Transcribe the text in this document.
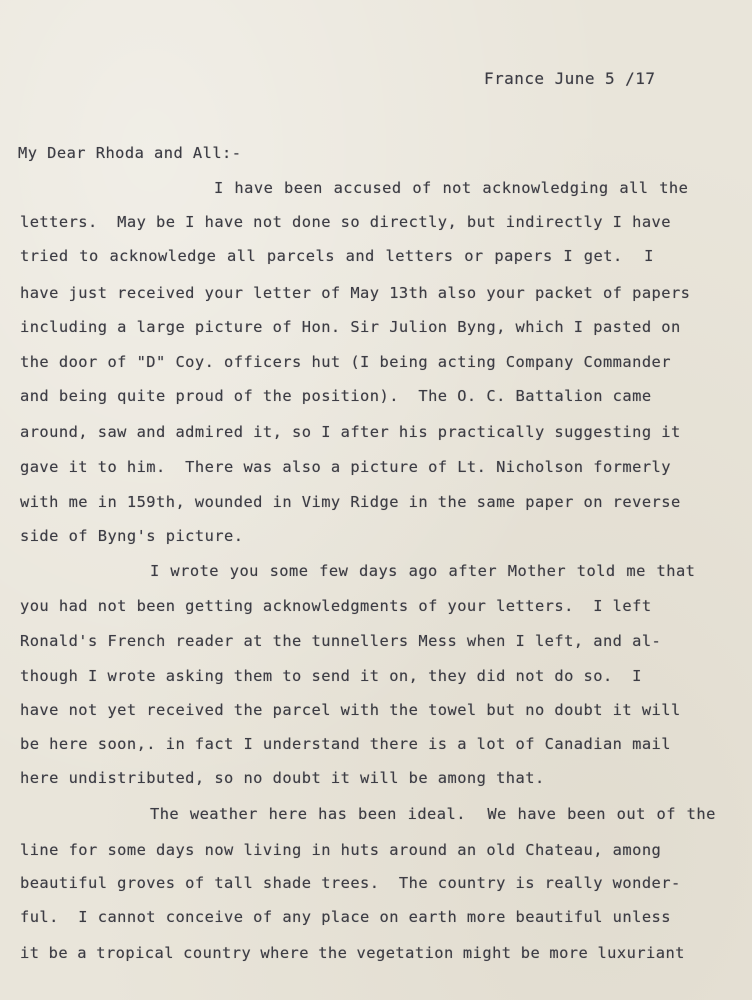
France June 5 /17
My Dear Rhoda and All:-
I have been accused of not acknowledging all the
letters.  May be I have not done so directly, but indirectly I have
tried to acknowledge all parcels and letters or papers I get.  I
have just received your letter of May 13th also your packet of papers
including a large picture of Hon. Sir Julion Byng, which I pasted on
the door of "D" Coy. officers hut (I being acting Company Commander
and being quite proud of the position).  The O. C. Battalion came
around, saw and admired it, so I after his practically suggesting it
gave it to him.  There was also a picture of Lt. Nicholson formerly
with me in 159th, wounded in Vimy Ridge in the same paper on reverse
side of Byng's picture.
I wrote you some few days ago after Mother told me that
you had not been getting acknowledgments of your letters.  I left
Ronald's French reader at the tunnellers Mess when I left, and al-
though I wrote asking them to send it on, they did not do so.  I
have not yet received the parcel with the towel but no doubt it will
be here soon,. in fact I understand there is a lot of Canadian mail
here undistributed, so no doubt it will be among that.
The weather here has been ideal.  We have been out of the
line for some days now living in huts around an old Chateau, among
beautiful groves of tall shade trees.  The country is really wonder-
ful.  I cannot conceive of any place on earth more beautiful unless
it be a tropical country where the vegetation might be more luxuriant
